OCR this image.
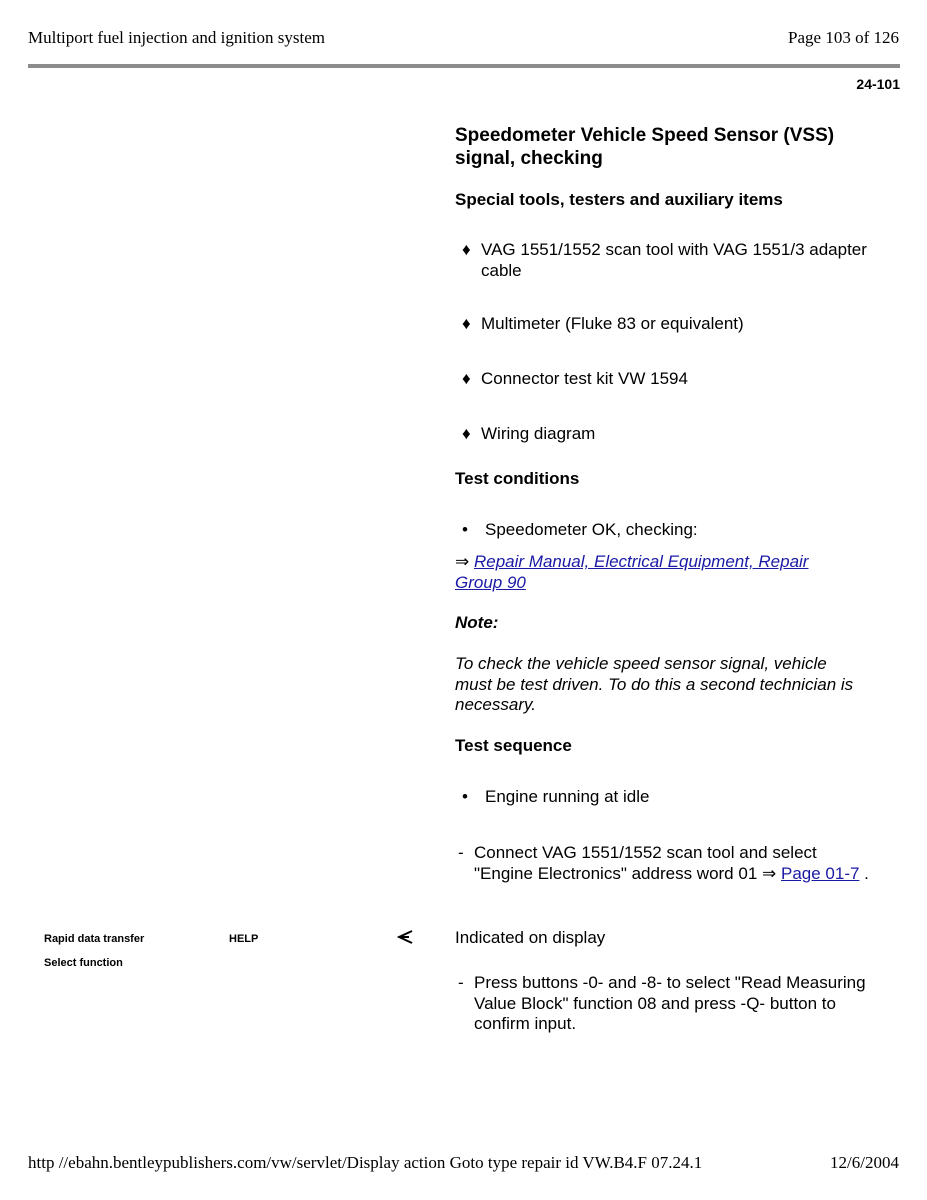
Multiport fuel injection and ignition system	Page 103 of 126
24-101
Speedometer Vehicle Speed Sensor (VSS) signal, checking
Special tools, testers and auxiliary items
♦ VAG 1551/1552 scan tool with VAG 1551/3 adapter cable
♦ Multimeter (Fluke 83 or equivalent)
♦ Connector test kit VW 1594
♦ Wiring diagram
Test conditions
•	Speedometer OK, checking:
⇒ Repair Manual, Electrical Equipment, Repair Group 90
Note:
To check the vehicle speed sensor signal, vehicle must be test driven. To do this a second technician is necessary.
Test sequence
•	Engine running at idle
- Connect VAG 1551/1552 scan tool and select "Engine Electronics" address word 01 ⇒ Page 01-7 .
Rapid data transfer	HELP
Select function
Indicated on display
- Press buttons -0- and -8- to select "Read Measuring Value Block" function 08 and press -Q- button to confirm input.
http //ebahn.bentleypublishers.com/vw/servlet/Display action Goto type repair id VW.B4.F 07.24.1	12/6/2004
